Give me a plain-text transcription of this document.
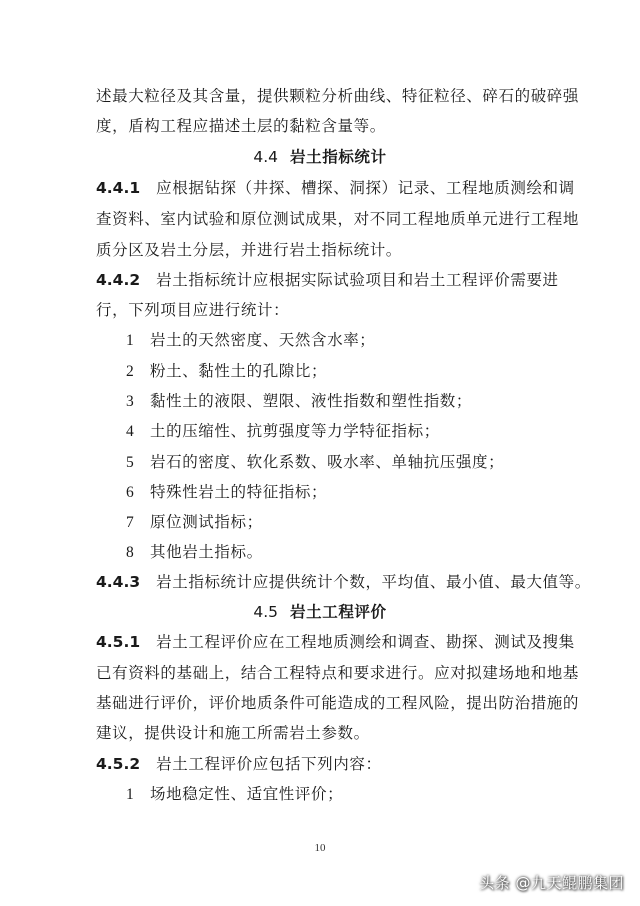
述最大粒径及其含量，提供颗粒分析曲线、特征粒径、碎石的破碎强
度，盾构工程应描述土层的黏粒含量等。
4.4 岩土指标统计
4.4.1 应根据钻探（井探、槽探、洞探）记录、工程地质测绘和调
查资料、室内试验和原位测试成果，对不同工程地质单元进行工程地
质分区及岩土分层，并进行岩土指标统计。
4.4.2 岩土指标统计应根据实际试验项目和岩土工程评价需要进
行，下列项目应进行统计：
1 岩土的天然密度、天然含水率；
2 粉土、黏性土的孔隙比；
3 黏性土的液限、塑限、液性指数和塑性指数；
4 土的压缩性、抗剪强度等力学特征指标；
5 岩石的密度、软化系数、吸水率、单轴抗压强度；
6 特殊性岩土的特征指标；
7 原位测试指标；
8 其他岩土指标。
4.4.3 岩土指标统计应提供统计个数，平均值、最小值、最大值等。
4.5 岩土工程评价
4.5.1 岩土工程评价应在工程地质测绘和调查、勘探、测试及搜集
已有资料的基础上，结合工程特点和要求进行。应对拟建场地和地基
基础进行评价，评价地质条件可能造成的工程风险，提出防治措施的
建议，提供设计和施工所需岩土参数。
4.5.2 岩土工程评价应包括下列内容：
1 场地稳定性、适宜性评价；
10
头条 @九天鲲鹏集团
